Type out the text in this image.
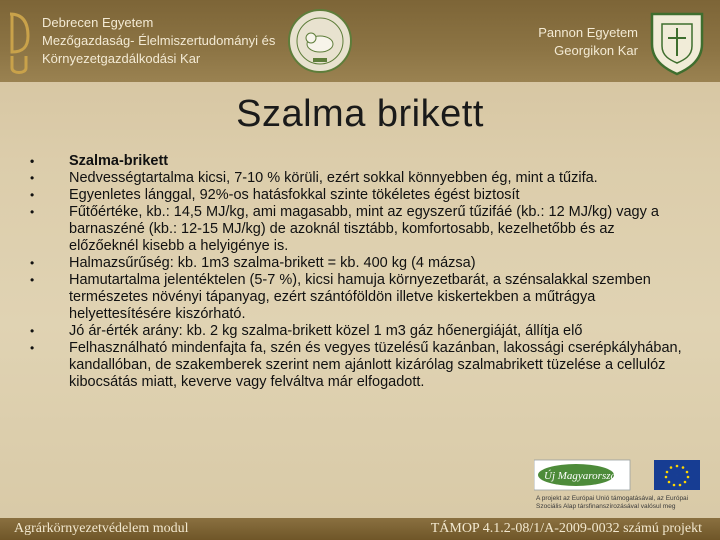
Debrecen Egyetem
Mezőgazdaság- Élelmiszertudományi és
Környezetgazdálkodási Kar
Pannon Egyetem
Georgikon Kar
Szalma brikett
• Szalma-brikett
• Nedvességtartalma kicsi, 7-10 % körüli, ezért sokkal könnyebben ég, mint a tűzifa.
• Egyenletes lánggal, 92%-os hatásfokkal szinte tökéletes égést biztosít
• Fűtőértéke, kb.: 14,5 MJ/kg, ami magasabb, mint az egyszerű tűzifáé (kb.: 12 MJ/kg) vagy a barnaszéné (kb.: 12-15 MJ/kg) de azoknál tisztább, komfortosabb, kezelhetőbb és az előzőeknél kisebb a helyigénye is.
• Halmazsűrűség: kb. 1m3 szalma-brikett = kb. 400 kg (4 mázsa)
• Hamutartalma jelentéktelen (5-7 %), kicsi hamuja környezetbarát, a szénsalakkal szemben természetes növényi tápanyag, ezért szántóföldön illetve kiskertekben a műtrágya helyettesítésére kiszórható.
• Jó ár-érték arány: kb. 2 kg szalma-brikett közel 1 m3 gáz hőenergiáját, állítja elő
• Felhasználható mindenfajta fa, szén és vegyes tüzelésű kazánban, lakossági cserépkályhában, kandallóban, de szakemberek szerint nem ajánlott kizárólag szalmabrikett tüzelése a cellulóz kibocsátás miatt, keverve vagy felváltva már elfogadott.
Új Magyarország
A projekt az Európai Unió támogatásával, az Európai Szociális Alap társfinanszírozásával valósul meg
Agrárkörnyezetvédelem modul	TÁMOP 4.1.2-08/1/A-2009-0032 számú projekt
